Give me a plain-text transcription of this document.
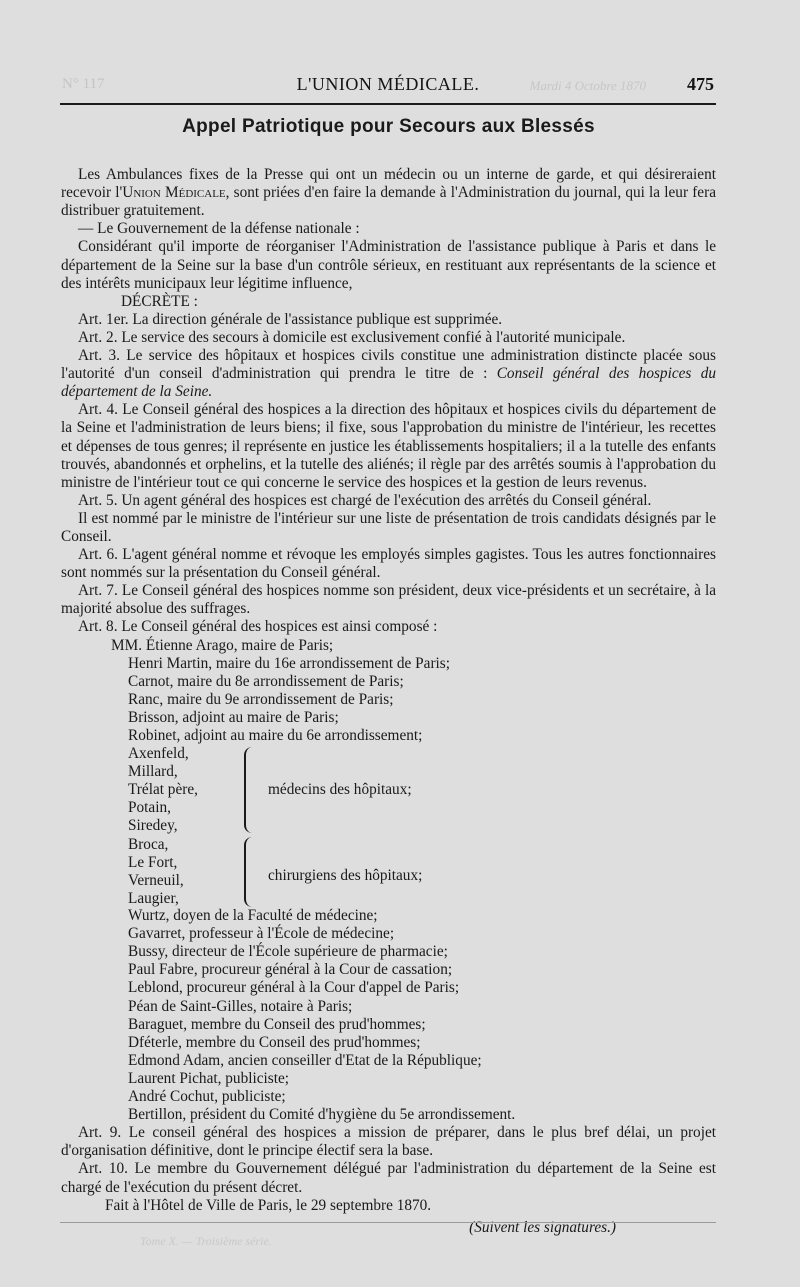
N° 117	L'UNION MÉDICALE.	Mardi 4 Octobre 1870 475
Appel Patriotique pour Secours aux Blessés

Les Ambulances fixes de la Presse qui ont un médecin ou un interne de garde, et qui désireraient recevoir l'Union Médicale, sont priées d'en faire la demande à l'Administration du journal, qui la leur fera distribuer gratuitement.

— Le Gouvernement de la défense nationale :

Considérant qu'il importe de réorganiser l'Administration de l'assistance publique à Paris et dans le département de la Seine sur la base d'un contrôle sérieux, en restituant aux représentants de la science et des intérêts municipaux leur légitime influence,

DÉCRÈTE :

Art. 1er. La direction générale de l'assistance publique est supprimée.

Art. 2. Le service des secours à domicile est exclusivement confié à l'autorité municipale.

Art. 3. Le service des hôpitaux et hospices civils constitue une administration distincte placée sous l'autorité d'un conseil d'administration qui prendra le titre de : Conseil général des hospices du département de la Seine.

Art. 4. Le Conseil général des hospices a la direction des hôpitaux et hospices civils du département de la Seine et l'administration de leurs biens; il fixe, sous l'approbation du ministre de l'intérieur, les recettes et dépenses de tous genres; il représente en justice les établissements hospitaliers; il a la tutelle des enfants trouvés, abandonnés et orphelins, et la tutelle des aliénés; il règle par des arrêtés soumis à l'approbation du ministre de l'intérieur tout ce qui concerne le service des hospices et la gestion de leurs revenus.

Art. 5. Un agent général des hospices est chargé de l'exécution des arrêtés du Conseil général.

Il est nommé par le ministre de l'intérieur sur une liste de présentation de trois candidats désignés par le Conseil.

Art. 6. L'agent général nomme et révoque les employés simples gagistes. Tous les autres fonctionnaires sont nommés sur la présentation du Conseil général.

Art. 7. Le Conseil général des hospices nomme son président, deux vice-présidents et un secrétaire, à la majorité absolue des suffrages.

Art. 8. Le Conseil général des hospices est ainsi composé :

MM. Étienne Arago, maire de Paris;

Henri Martin, maire du 16e arrondissement de Paris;

Carnot, maire du 8e arrondissement de Paris;

Ranc, maire du 9e arrondissement de Paris;

Brisson, adjoint au maire de Paris;

Robinet, adjoint au maire du 6e arrondissement;

Axenfeld,
Millard,
Trélat père,
Potain,
Siredey,
Broca,
Le Fort,
Verneuil,
Laugier,
médecins des hôpitaux;
chirurgiens des hôpitaux;

Wurtz, doyen de la Faculté de médecine;

Gavarret, professeur à l'École de médecine;

Bussy, directeur de l'École supérieure de pharmacie;

Paul Fabre, procureur général à la Cour de cassation;

Leblond, procureur général à la Cour d'appel de Paris;

Péan de Saint-Gilles, notaire à Paris;

Baraguet, membre du Conseil des prud'hommes;

Dféterle, membre du Conseil des prud'hommes;

Edmond Adam, ancien conseiller d'Etat de la République;

Laurent Pichat, publiciste;

André Cochut, publiciste;

Bertillon, président du Comité d'hygiène du 5e arrondissement.

Art. 9. Le conseil général des hospices a mission de préparer, dans le plus bref délai, un projet d'organisation définitive, dont le principe électif sera la base.

Art. 10. Le membre du Gouvernement délégué par l'administration du département de la Seine est chargé de l'exécution du présent décret.

Fait à l'Hôtel de Ville de Paris, le 29 septembre 1870.

(Suivent les signatures.)

Tome X. — Troisième série.
